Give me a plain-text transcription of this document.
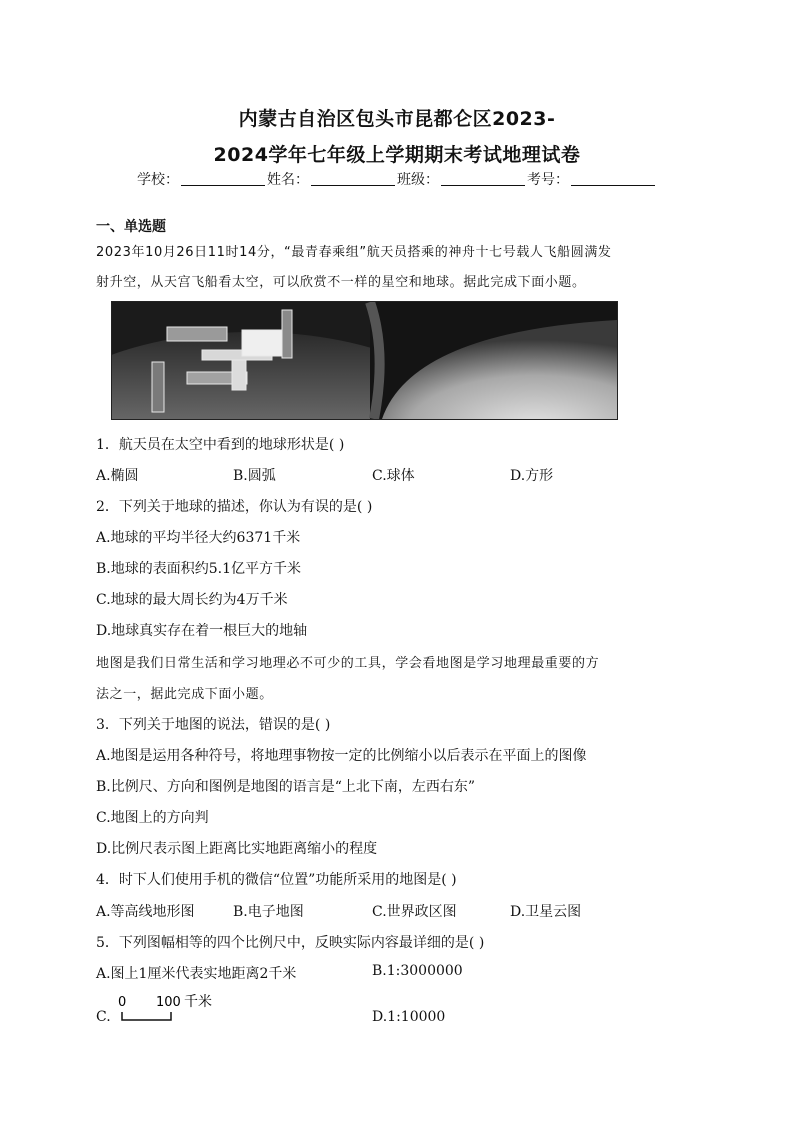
内蒙古自治区包头市昆都仑区2023-
2024学年七年级上学期期末考试地理试卷
学校：	姓名：	班级：	考号：
一、单选题
2023年10月26日11时14分，“最青春乘组”航天员搭乘的神舟十七号载人飞船圆满发
射升空，从天宫飞船看太空，可以欣赏不一样的星空和地球。据此完成下面小题。
1．航天员在太空中看到的地球形状是( )
A.椭圆	B.圆弧	C.球体	D.方形
2．下列关于地球的描述，你认为有误的是( )
A.地球的平均半径大约6371千米
B.地球的表面积约5.1亿平方千米
C.地球的最大周长约为4万千米
D.地球真实存在着一根巨大的地轴
地图是我们日常生活和学习地理必不可少的工具，学会看地图是学习地理最重要的方
法之一，据此完成下面小题。
3．下列关于地图的说法，错误的是( )
A.地图是运用各种符号，将地理事物按一定的比例缩小以后表示在平面上的图像
B.比例尺、方向和图例是地图的语言是“上北下南，左西右东”
C.地图上的方向判
D.比例尺表示图上距离比实地距离缩小的程度
4．时下人们使用手机的微信“位置”功能所采用的地图是( )
A.等高线地形图	B.电子地图	C.世界政区图	D.卫星云图
5．下列图幅相等的四个比例尺中，反映实际内容最详细的是( )
A.图上1厘米代表实地距离2千米	B.1:3000000
C.	D.1:10000
0 100 千米
